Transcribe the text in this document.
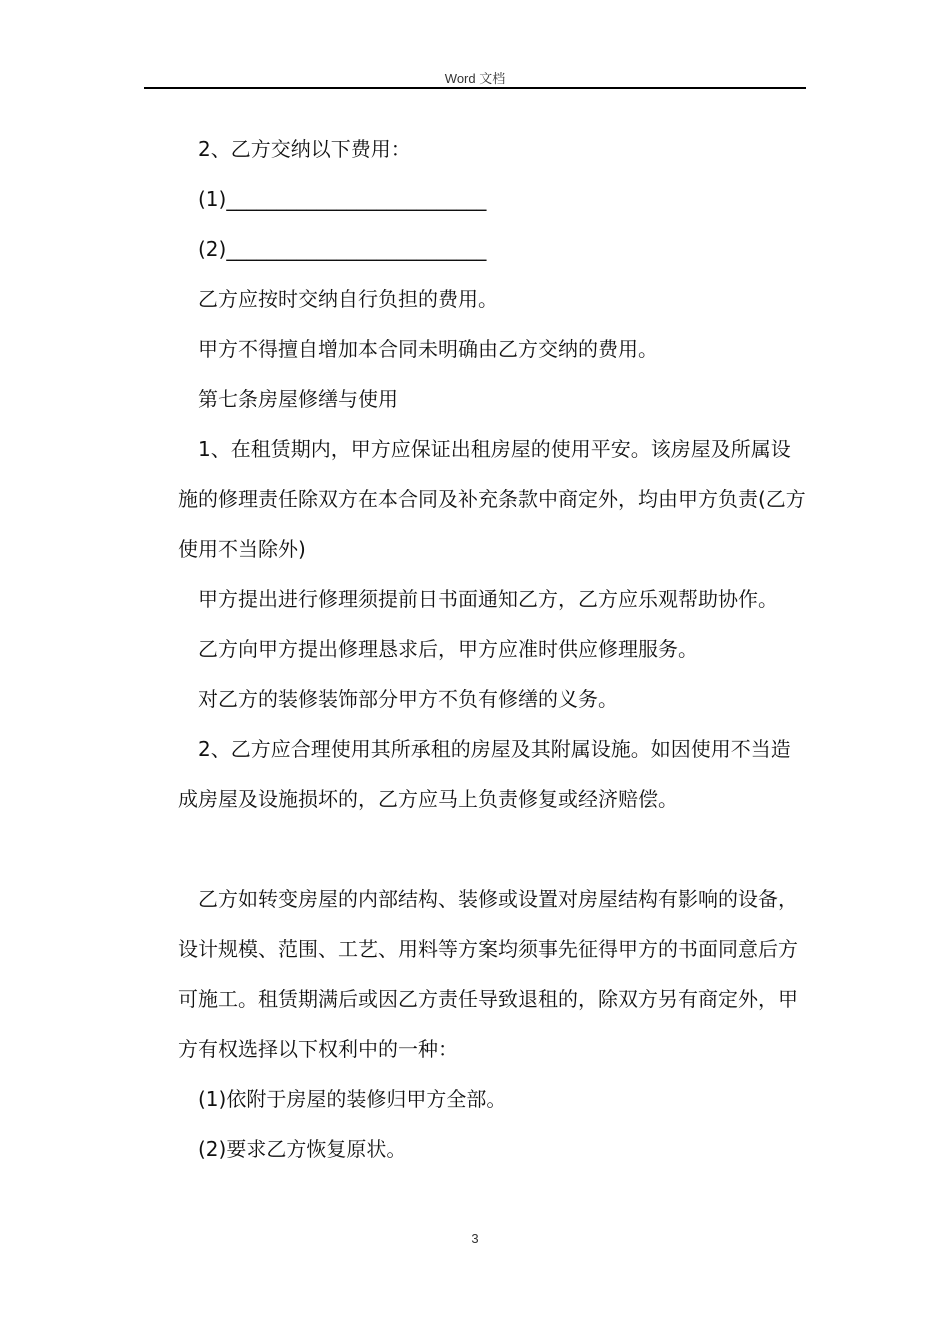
Word 文档

2、乙方交纳以下费用：

(1)__________________________

(2)__________________________

乙方应按时交纳自行负担的费用。

甲方不得擅自增加本合同未明确由乙方交纳的费用。

第七条房屋修缮与使用

1、在租赁期内，甲方应保证出租房屋的使用平安。该房屋及所属设施的修理责任除双方在本合同及补充条款中商定外，均由甲方负责(乙方使用不当除外)

甲方提出进行修理须提前日书面通知乙方，乙方应乐观帮助协作。

乙方向甲方提出修理恳求后，甲方应准时供应修理服务。

对乙方的装修装饰部分甲方不负有修缮的义务。

2、乙方应合理使用其所承租的房屋及其附属设施。如因使用不当造成房屋及设施损坏的，乙方应马上负责修复或经济赔偿。

乙方如转变房屋的内部结构、装修或设置对房屋结构有影响的设备，设计规模、范围、工艺、用料等方案均须事先征得甲方的书面同意后方可施工。租赁期满后或因乙方责任导致退租的，除双方另有商定外，甲方有权选择以下权利中的一种：

(1)依附于房屋的装修归甲方全部。

(2)要求乙方恢复原状。

3
